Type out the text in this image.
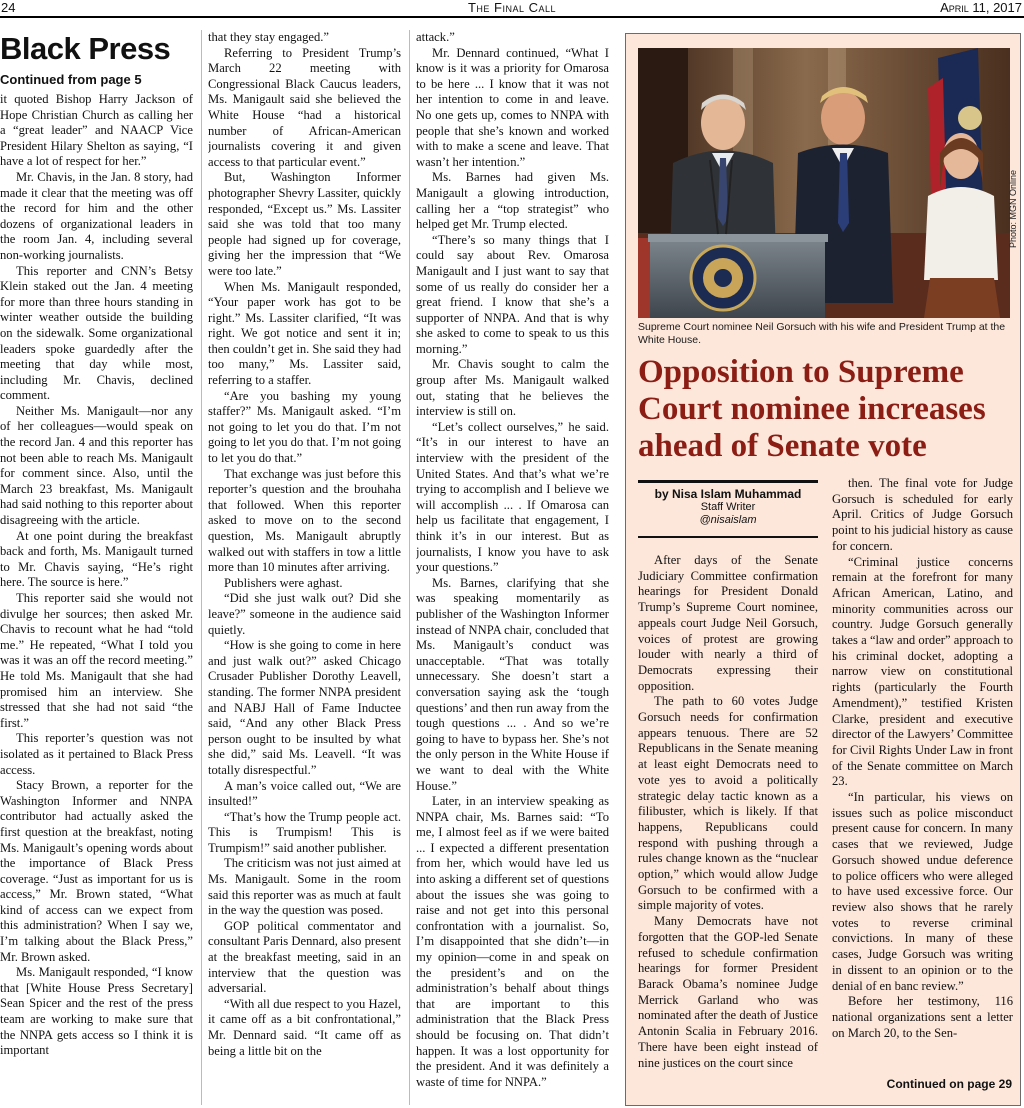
24	The Final Call	April 11, 2017
Black Press
Continued from page 5

it quoted Bishop Harry Jackson of Hope Christian Church as calling her a “great leader” and NAACP Vice President Hilary Shelton as saying, “I have a lot of respect for her.”

Mr. Chavis, in the Jan. 8 story, had made it clear that the meeting was off the record for him and the other dozens of organizational leaders in the room Jan. 4, including several non-working journalists.

This reporter and CNN’s Betsy Klein staked out the Jan. 4 meeting for more than three hours standing in winter weather outside the building on the sidewalk. Some organizational leaders spoke guardedly after the meeting that day while most, including Mr. Chavis, declined comment.

Neither Ms. Manigault—nor any of her colleagues—would speak on the record Jan. 4 and this reporter has not been able to reach Ms. Manigault for comment since. Also, until the March 23 breakfast, Ms. Manigault had said nothing to this reporter about disagreeing with the article.

At one point during the breakfast back and forth, Ms. Manigault turned to Mr. Chavis saying, “He’s right here. The source is here.”

This reporter said she would not divulge her sources; then asked Mr. Chavis to recount what he had “told me.” He repeated, “What I told you was it was an off the record meeting.” He told Ms. Manigault that she had promised him an interview. She stressed that she had not said “the first.”

This reporter’s question was not isolated as it pertained to Black Press access.

Stacy Brown, a reporter for the Washington Informer and NNPA contributor had actually asked the first question at the breakfast, noting Ms. Manigault’s opening words about the importance of Black Press coverage. “Just as important for us is access,” Mr. Brown stated, “What kind of access can we expect from this administration? When I say we, I’m talking about the Black Press,” Mr. Brown asked.

Ms. Manigault responded, “I know that [White House Press Secretary] Sean Spicer and the rest of the press team are working to make sure that the NNPA gets access so I think it is important

that they stay engaged.”

Referring to President Trump’s March 22 meeting with Congressional Black Caucus leaders, Ms. Manigault said she believed the White House “had a historical number of African-American journalists covering it and given access to that particular event.”

But, Washington Informer photographer Shevry Lassiter, quickly responded, “Except us.” Ms. Lassiter said she was told that too many people had signed up for coverage, giving her the impression that “We were too late.”

When Ms. Manigault responded, “Your paper work has got to be right.” Ms. Lassiter clarified, “It was right. We got notice and sent it in; then couldn’t get in. She said they had too many,” Ms. Lassiter said, referring to a staffer.

“Are you bashing my young staffer?” Ms. Manigault asked. “I’m not going to let you do that. I’m not going to let you do that. I’m not going to let you do that.”

That exchange was just before this reporter’s question and the brouhaha that followed. When this reporter asked to move on to the second question, Ms. Manigault abruptly walked out with staffers in tow a little more than 10 minutes after arriving.

Publishers were aghast.

“Did she just walk out? Did she leave?” someone in the audience said quietly.

“How is she going to come in here and just walk out?” asked Chicago Crusader Publisher Dorothy Leavell, standing. The former NNPA president and NABJ Hall of Fame Inductee said, “And any other Black Press person ought to be insulted by what she did,” said Ms. Leavell. “It was totally disrespectful.”

A man’s voice called out, “We are insulted!”

“That’s how the Trump people act. This is Trumpism! This is Trumpism!” said another publisher.

The criticism was not just aimed at Ms. Manigault. Some in the room said this reporter was as much at fault in the way the question was posed.

GOP political commentator and consultant Paris Dennard, also present at the breakfast meeting, said in an interview that the question was adversarial.

“With all due respect to you Hazel, it came off as a bit confrontational,” Mr. Dennard said. “It came off as being a little bit on the

attack.”

Mr. Dennard continued, “What I know is it was a priority for Omarosa to be here ... I know that it was not her intention to come in and leave. No one gets up, comes to NNPA with people that she’s known and worked with to make a scene and leave. That wasn’t her intention.”

Ms. Barnes had given Ms. Manigault a glowing introduction, calling her a “top strategist” who helped get Mr. Trump elected.

“There’s so many things that I could say about Rev. Omarosa Manigault and I just want to say that some of us really do consider her a great friend. I know that she’s a supporter of NNPA. And that is why she asked to come to speak to us this morning.”

Mr. Chavis sought to calm the group after Ms. Manigault walked out, stating that he believes the interview is still on.

“Let’s collect ourselves,” he said. “It’s in our interest to have an interview with the president of the United States. And that’s what we’re trying to accomplish and I believe we will accomplish ... . If Omarosa can help us facilitate that engagement, I think it’s in our interest. But as journalists, I know you have to ask your questions.”

Ms. Barnes, clarifying that she was speaking momentarily as publisher of the Washington Informer instead of NNPA chair, concluded that Ms. Manigault’s conduct was unacceptable. “That was totally unnecessary. She doesn’t start a conversation saying ask the ‘tough questions’ and then run away from the tough questions ... . And so we’re going to have to bypass her. She’s not the only person in the White House if we want to deal with the White House.”

Later, in an interview speaking as NNPA chair, Ms. Barnes said: “To me, I almost feel as if we were baited ... I expected a different presentation from her, which would have led us into asking a different set of questions about the issues she was going to raise and not get into this personal confrontation with a journalist. So, I’m disappointed that she didn’t—in my opinion—come in and speak on the president’s and on the administration’s behalf about things that are important to this administration that the Black Press should be focusing on. That didn’t happen. It was a lost opportunity for the president. And it was definitely a waste of time for NNPA.”

Photo: MGN Online
Supreme Court nominee Neil Gorsuch with his wife and President Trump at the White House.
Opposition to Supreme Court nominee increases ahead of Senate vote
by Nisa Islam Muhammad
Staff Writer
@nisaislam

After days of the Senate Judiciary Committee confirmation hearings for President Donald Trump’s Supreme Court nominee, appeals court Judge Neil Gorsuch, voices of protest are growing louder with nearly a third of Democrats expressing their opposition.

The path to 60 votes Judge Gorsuch needs for confirmation appears tenuous. There are 52 Republicans in the Senate meaning at least eight Democrats need to vote yes to avoid a politically strategic delay tactic known as a filibuster, which is likely. If that happens, Republicans could respond with pushing through a rules change known as the “nuclear option,” which would allow Judge Gorsuch to be confirmed with a simple majority of votes.

Many Democrats have not forgotten that the GOP-led Senate refused to schedule confirmation hearings for former President Barack Obama’s nominee Judge Merrick Garland who was nominated after the death of Justice Antonin Scalia in February 2016. There have been eight instead of nine justices on the court since

then. The final vote for Judge Gorsuch is scheduled for early April. Critics of Judge Gorsuch point to his judicial history as cause for concern.

“Criminal justice concerns remain at the forefront for many African American, Latino, and minority communities across our country. Judge Gorsuch generally takes a “law and order” approach to his criminal docket, adopting a narrow view on constitutional rights (particularly the Fourth Amendment),” testified Kristen Clarke, president and executive director of the Lawyers’ Committee for Civil Rights Under Law in front of the Senate committee on March 23.

“In particular, his views on issues such as police misconduct present cause for concern. In many cases that we reviewed, Judge Gorsuch showed undue deference to police officers who were alleged to have used excessive force. Our review also shows that he rarely votes to reverse criminal convictions. In many of these cases, Judge Gorsuch was writing in dissent to an opinion or to the denial of en banc review.”

Before her testimony, 116 national organizations sent a letter on March 20, to the Sen-

Continued on page 29
